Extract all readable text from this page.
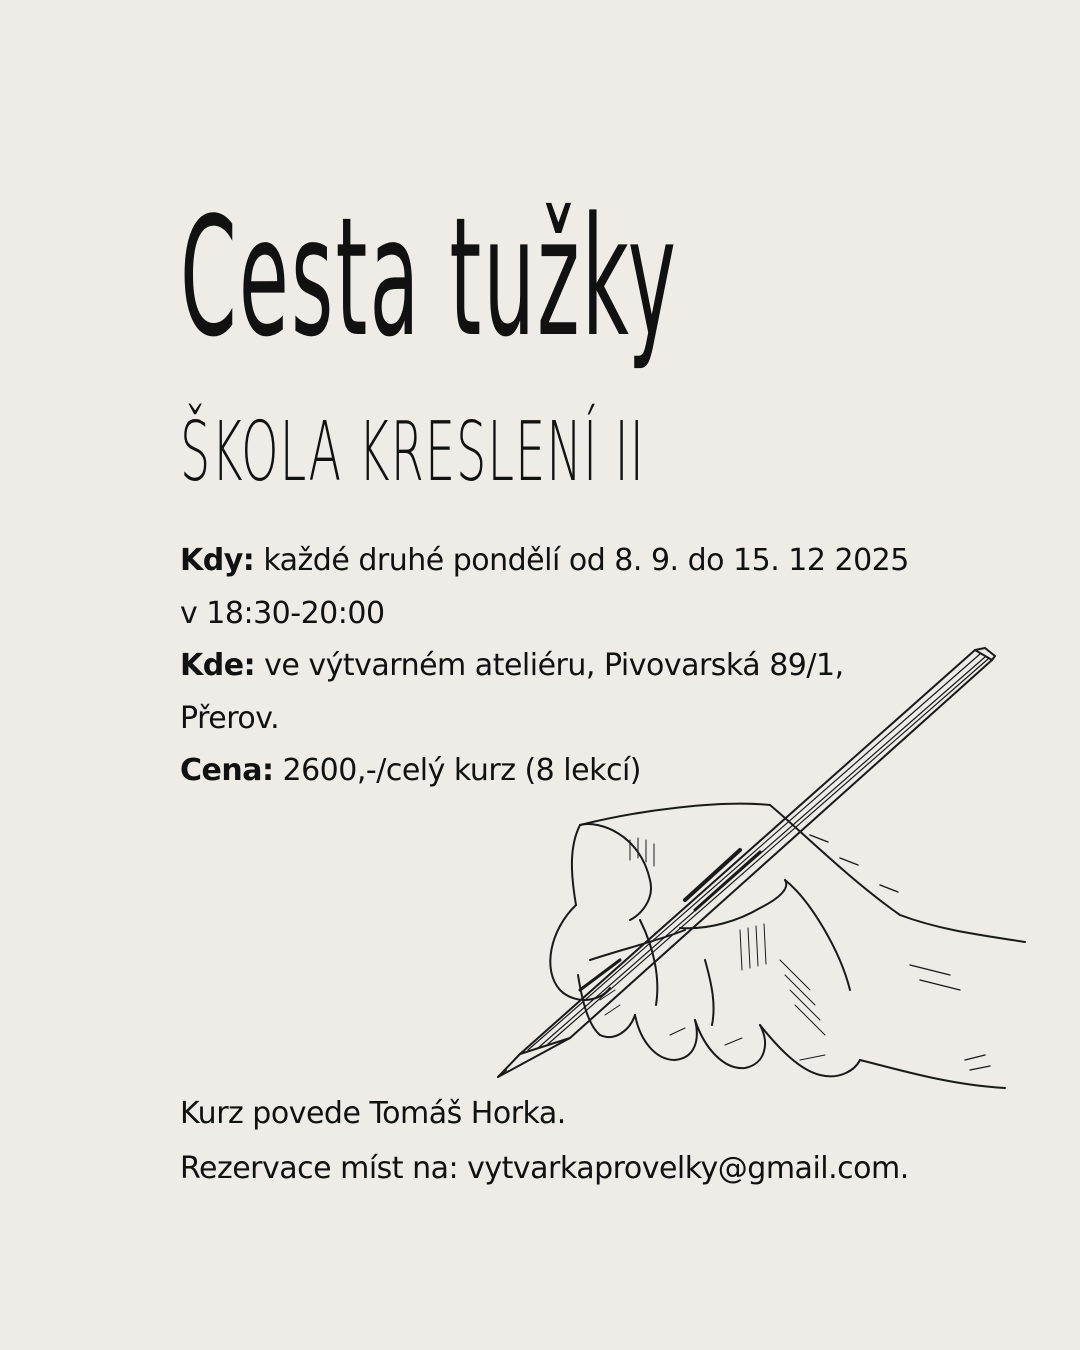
Cesta tužky
ŠKOLA KRESLENÍ II
Kdy: každé druhé pondělí od 8. 9. do 15. 12 2025
v 18:30-20:00
Kde: ve výtvarném ateliéru, Pivovarská 89/1,
Přerov.
Cena: 2600,-/celý kurz (8 lekcí)
Kurz povede Tomáš Horka.
Rezervace míst na: vytvarkaprovelky@gmail.com.
